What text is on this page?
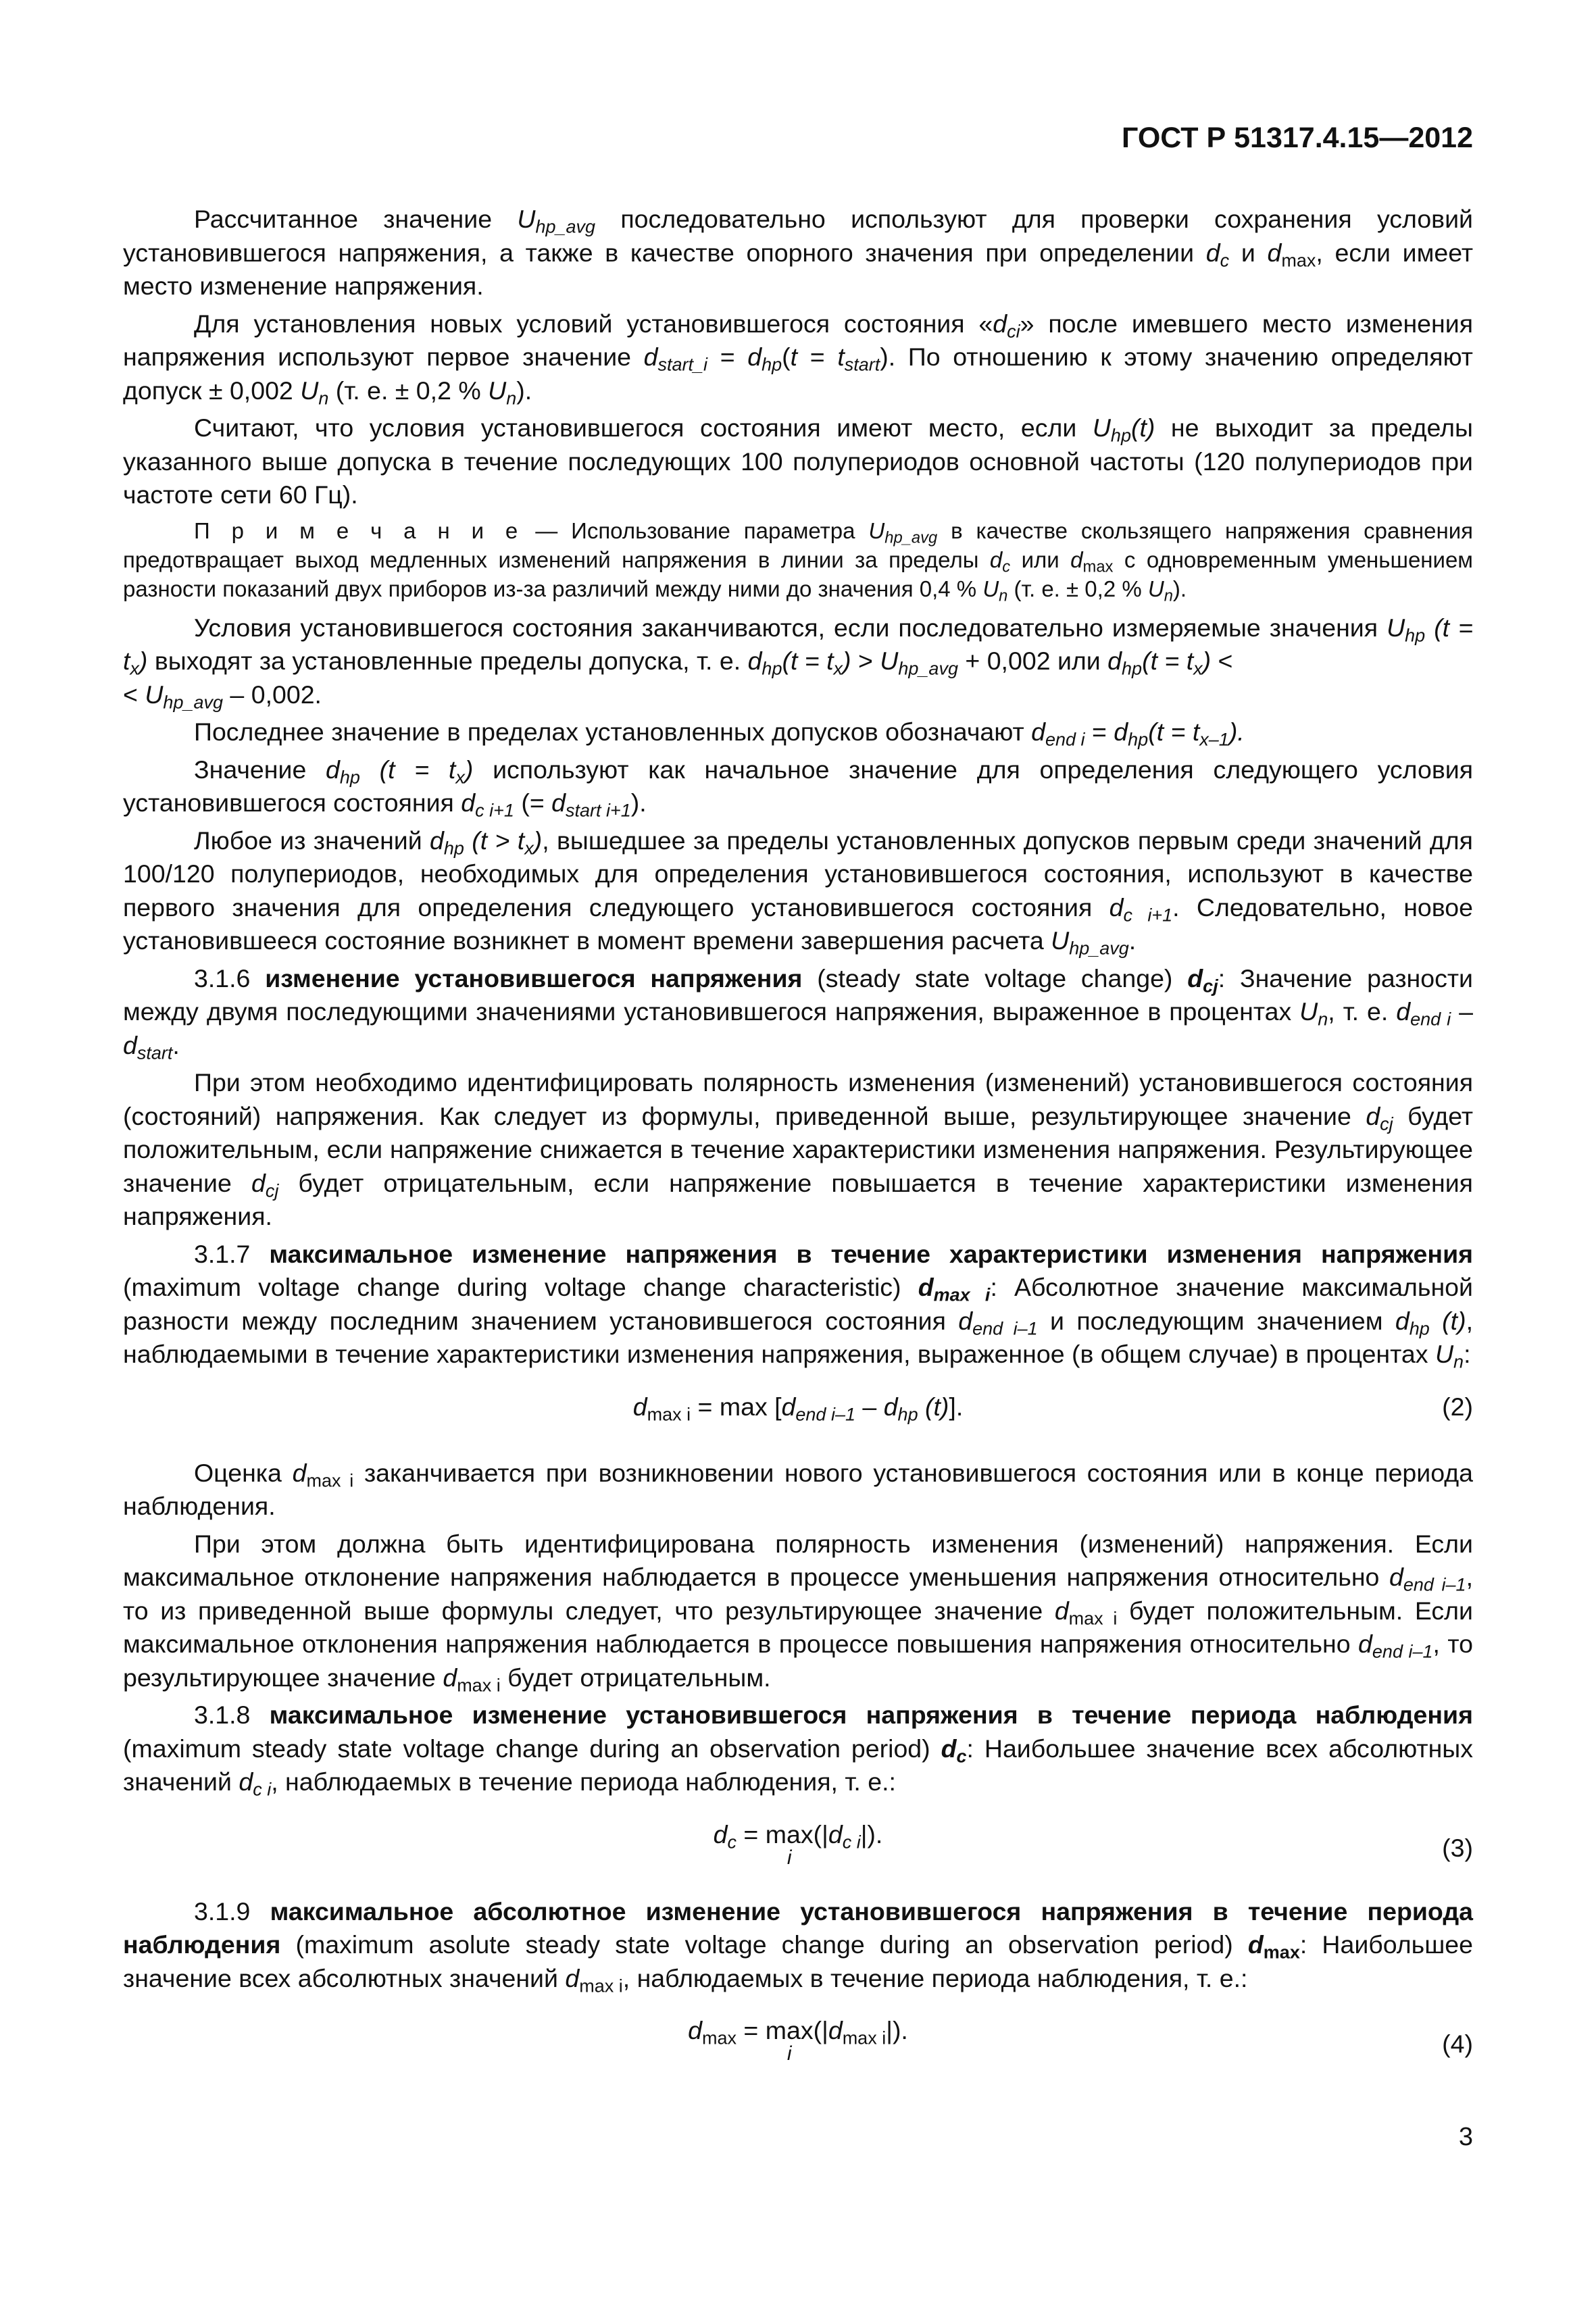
ГОСТ Р 51317.4.15—2012

Рассчитанное значение $U_{hp\_avg}$ последовательно используют для проверки сохранения условий установившегося напряжения, а также в качестве опорного значения при определении $d_c$ и $d_{max}$, если имеет место изменение напряжения.

Для установления новых условий установившегося состояния «$d_{ci}$» после имевшего место изменения напряжения используют первое значение $d_{start\_i} = d_{hp}(t = t_{start})$. По отношению к этому значению определяют допуск ± 0,002 $U_n$ (т. е. ± 0,2 % $U_n$).

Считают, что условия установившегося состояния имеют место, если $U_{hp}(t)$ не выходит за пределы указанного выше допуска в течение последующих 100 полупериодов основной частоты (120 полупериодов при частоте сети 60 Гц).

П р и м е ч а н и е — Использование параметра $U_{hp\_avg}$ в качестве скользящего напряжения сравнения предотвращает выход медленных изменений напряжения в линии за пределы $d_c$ или $d_{max}$ с одновременным уменьшением разности показаний двух приборов из-за различий между ними до значения 0,4 % $U_n$ (т. е. ± 0,2 % $U_n$).

Условия установившегося состояния заканчиваются, если последовательно измеряемые значения $U_{hp}$ $(t = t_x)$ выходят за установленные пределы допуска, т. е. $d_{hp}(t = t_x) > U_{hp\_avg} + 0,002$ или $d_{hp}(t = t_x)$ <
< $U_{hp\_avg} - 0,002$.

Последнее значение в пределах установленных допусков обозначают $d_{end i} = d_{hp}(t = t_{x-1})$.

Значение $d_{hp}$ $(t = t_x)$ используют как начальное значение для определения следующего условия установившегося состояния $d_{c i+1}$ (= $d_{start i+1}$).

Любое из значений $d_{hp}$ $(t > t_x)$, вышедшее за пределы установленных допусков первым среди значений для 100/120 полупериодов, необходимых для определения установившегося состояния, используют в качестве первого значения для определения следующего установившегося состояния $d_{c i+1}$. Следовательно, новое установившееся состояние возникнет в момент времени завершения расчета $U_{hp\_avg}$.

3.1.6 изменение установившегося напряжения (steady state voltage change) $d_{cj}$: Значение разности между двумя последующими значениями установившегося напряжения, выраженное в процентах $U_n$, т. е. $d_{end i} - d_{start}$.

При этом необходимо идентифицировать полярность изменения (изменений) установившегося состояния (состояний) напряжения. Как следует из формулы, приведенной выше, результирующее значение $d_{cj}$ будет положительным, если напряжение снижается в течение характеристики изменения напряжения. Результирующее значение $d_{cj}$ будет отрицательным, если напряжение повышается в течение характеристики изменения напряжения.

3.1.7 максимальное изменение напряжения в течение характеристики изменения напряжения (maximum voltage change during voltage change characteristic) $d_{max i}$: Абсолютное значение максимальной разности между последним значением установившегося состояния $d_{end i-1}$ и последующим значением $d_{hp}$ (t), наблюдаемыми в течение характеристики изменения напряжения, выраженное (в общем случае) в процентах $U_n$:

$d_{max i} = \max [d_{end i-1} - d_{hp}$ (t)].	(2)

Оценка $d_{max i}$ заканчивается при возникновении нового установившегося состояния или в конце периода наблюдения.

При этом должна быть идентифицирована полярность изменения (изменений) напряжения. Если максимальное отклонение напряжения наблюдается в процессе уменьшения напряжения относительно $d_{end i-1}$, то из приведенной выше формулы следует, что результирующее значение $d_{max i}$ будет положительным. Если максимальное отклонения напряжения наблюдается в процессе повышения напряжения относительно $d_{end i-1}$, то результирующее значение $d_{max i}$ будет отрицательным.

3.1.8 максимальное изменение установившегося напряжения в течение периода наблюдения (maximum steady state voltage change during an observation period) $d_c$: Наибольшее значение всех абсолютных значений $d_{c i}$, наблюдаемых в течение периода наблюдения, т. е.:

$d_c = \max$
i
$(|d_{c i}|)$.	(3)

3.1.9 максимальное абсолютное изменение установившегося напряжения в течение периода наблюдения (maximum asolute steady state voltage change during an observation period) $d_{max}$: Наибольшее значение всех абсолютных значений $d_{max i}$, наблюдаемых в течение периода наблюдения, т. е.:

$d_{max} = \max$
i
$(|d_{max i}|)$.	(4)
3
